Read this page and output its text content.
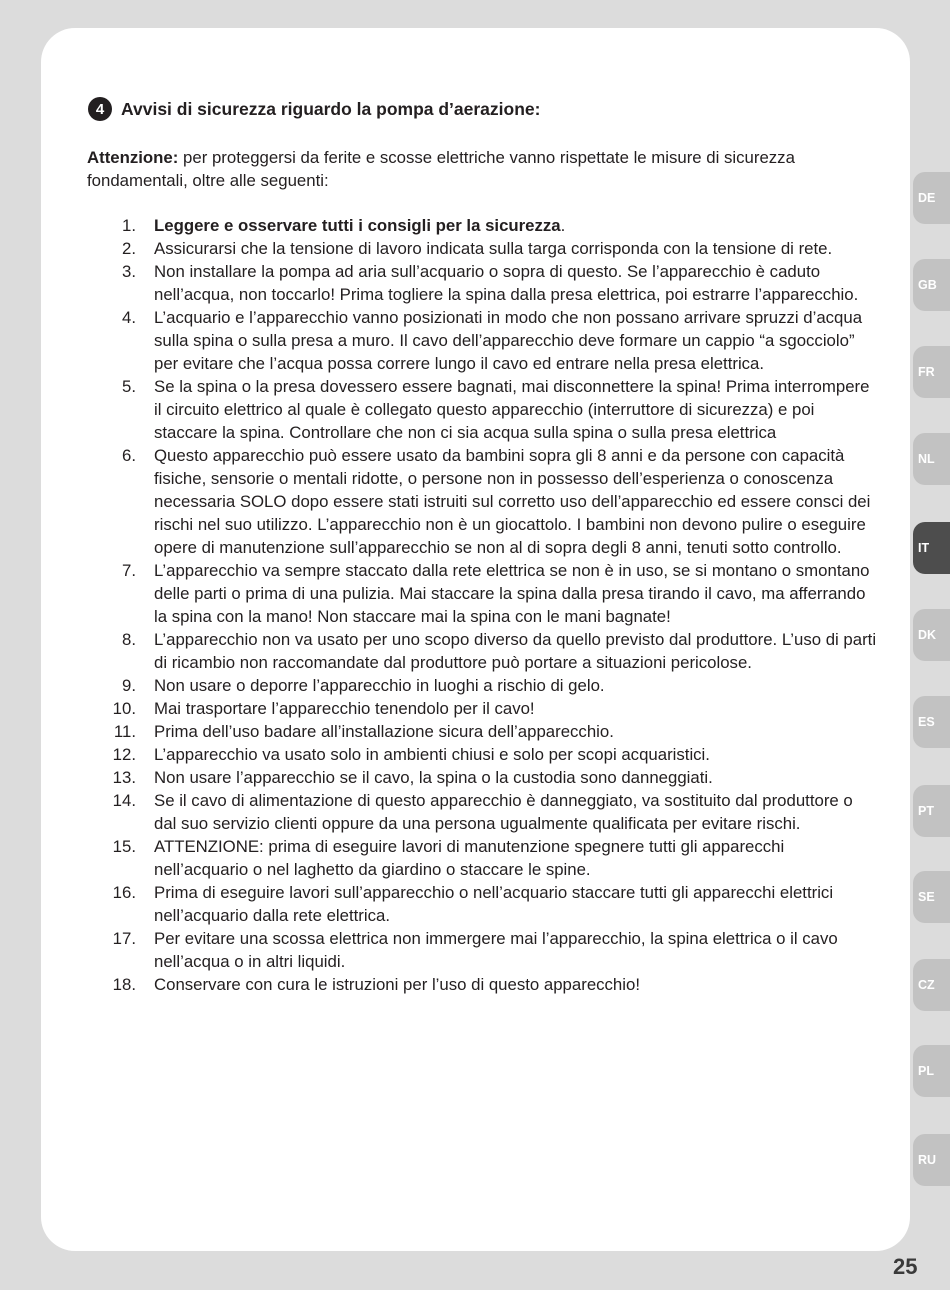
4 Avvisi di sicurezza riguardo la pompa d’aerazione:
Attenzione: per proteggersi da ferite e scosse elettriche vanno rispettate le misure di sicurezza fondamentali, oltre alle seguenti:
1.	Leggere e osservare tutti i consigli per la sicurezza.
2.	Assicurarsi che la tensione di lavoro indicata sulla targa corrisponda con la tensione di rete.
3.	Non installare la pompa ad aria sull’acquario o sopra di questo. Se l’apparecchio è caduto nell’acqua, non toccarlo! Prima togliere la spina dalla presa elettrica, poi estrarre l’apparecchio.
4.	L’acquario e l’apparecchio vanno posizionati in modo che non possano arrivare spruzzi d’acqua sulla spina o sulla presa a muro. Il cavo dell’apparecchio deve formare un cappio “a sgocciolo” per evitare che l’acqua possa correre lungo il cavo ed entrare nella presa elettrica.
5.	Se la spina o la presa dovessero essere bagnati, mai disconnettere la spina! Prima interrompere il circuito elettrico al quale è collegato questo apparecchio (interruttore di sicurezza) e poi staccare la spina. Controllare che non ci sia acqua sulla spina o sulla presa elettrica
6.	Questo apparecchio può essere usato da bambini sopra gli 8 anni e da persone con capacità fisiche, sensorie o mentali ridotte, o persone non in possesso dell’esperienza o conoscenza necessaria SOLO dopo essere stati istruiti sul corretto uso dell’apparecchio ed essere consci dei rischi nel suo utilizzo. L’apparecchio non è un giocattolo. I bambini non devono pulire o eseguire opere di manutenzione sull’apparecchio se non al di sopra degli 8 anni, tenuti sotto controllo.
7.	L’apparecchio va sempre staccato dalla rete elettrica se non è in uso, se si montano o smontano delle parti o prima di una pulizia. Mai staccare la spina dalla presa tirando il cavo, ma afferrando la spina con la mano! Non staccare mai la spina con le mani bagnate!
8.	L’apparecchio non va usato per uno scopo diverso da quello previsto dal produttore. L’uso di parti di ricambio non raccomandate dal produttore può portare a situazioni pericolose.
9.	Non usare o deporre l’apparecchio in luoghi a rischio di gelo.
10.	Mai trasportare l’apparecchio tenendolo per il cavo!
11.	Prima dell’uso badare all’installazione sicura dell’apparecchio.
12.	L’apparecchio va usato solo in ambienti chiusi e solo per scopi acquaristici.
13.	Non usare l’apparecchio se il cavo, la spina o la custodia sono danneggiati.
14.	Se il cavo di alimentazione di questo apparecchio è danneggiato, va sostituito dal produttore o dal suo servizio clienti oppure da una persona ugualmente qualificata per evitare rischi.
15.	ATTENZIONE: prima di eseguire lavori di manutenzione spegnere tutti gli apparecchi nell’acquario o nel laghetto da giardino o staccare le spine.
16.	Prima di eseguire lavori sull’apparecchio o nell’acquario staccare tutti gli apparecchi elettrici nell’acquario dalla rete elettrica.
17.	Per evitare una scossa elettrica non immergere mai l’apparecchio, la spina elettrica o il cavo nell’acqua o in altri liquidi.
18.	Conservare con cura le istruzioni per l’uso di questo apparecchio!
DE
GB
FR
NL
IT
DK
ES
PT
SE
CZ
PL
RU
25
